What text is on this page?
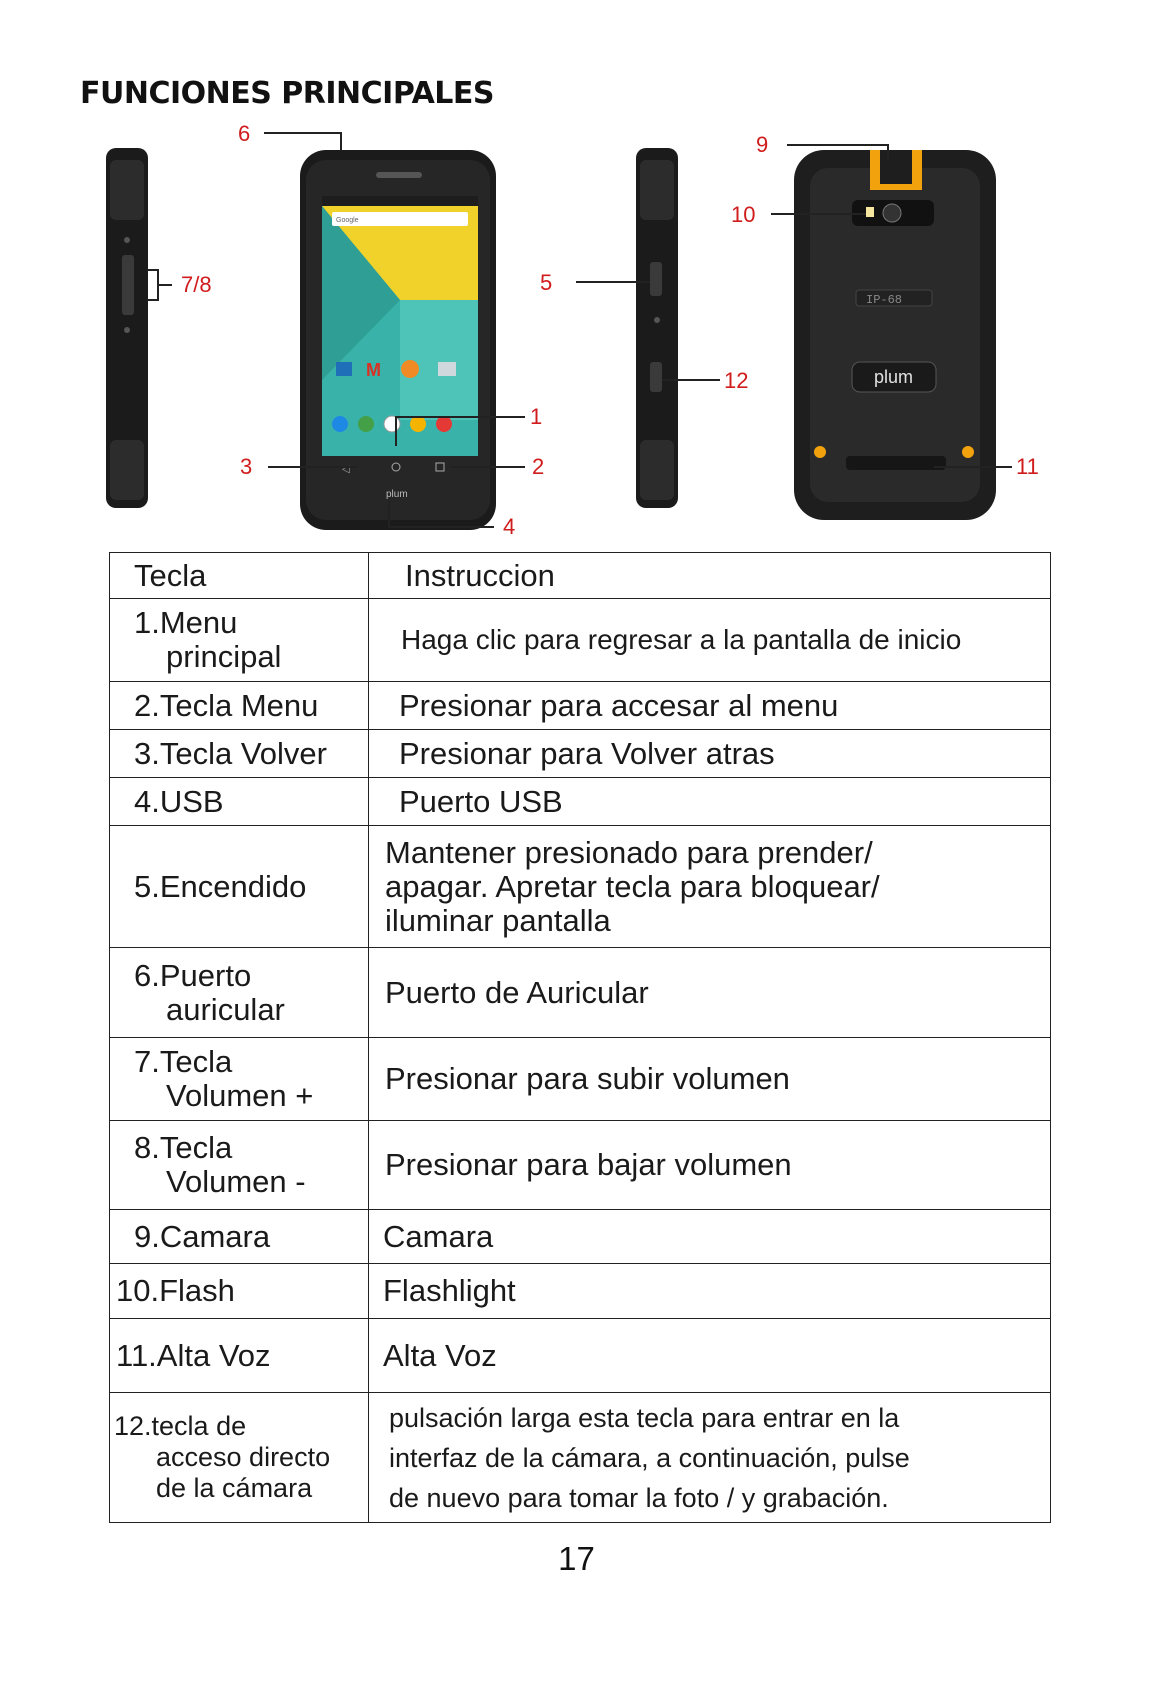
FUNCIONES PRINCIPALES
Google
M
◁
plum
IP-68
plum
6
7/8	5
9
10
12
1
3	2
4
11
Tecla	Instruccion

1.Menu
principal	Haga clic para regresar a la pantalla de inicio

2.Tecla Menu	Presionar para accesar al menu

3.Tecla Volver	Presionar para Volver atras

4.USB	Puerto USB

5.Encendido	Mantener presionado para prender/
apagar. Apretar tecla para bloquear/
iluminar pantalla

6.Puerto
auricular	Puerto de Auricular

7.Tecla
Volumen +	Presionar para subir volumen

8.Tecla
Volumen -	Presionar para bajar volumen

9.Camara	Camara

10.Flash	Flashlight

11.Alta Voz	Alta Voz

12.tecla de
acceso directo
de la cámara	pulsación larga esta tecla para entrar en la
interfaz de la cámara, a continuación, pulse
de nuevo para tomar la foto / y grabación.
17
